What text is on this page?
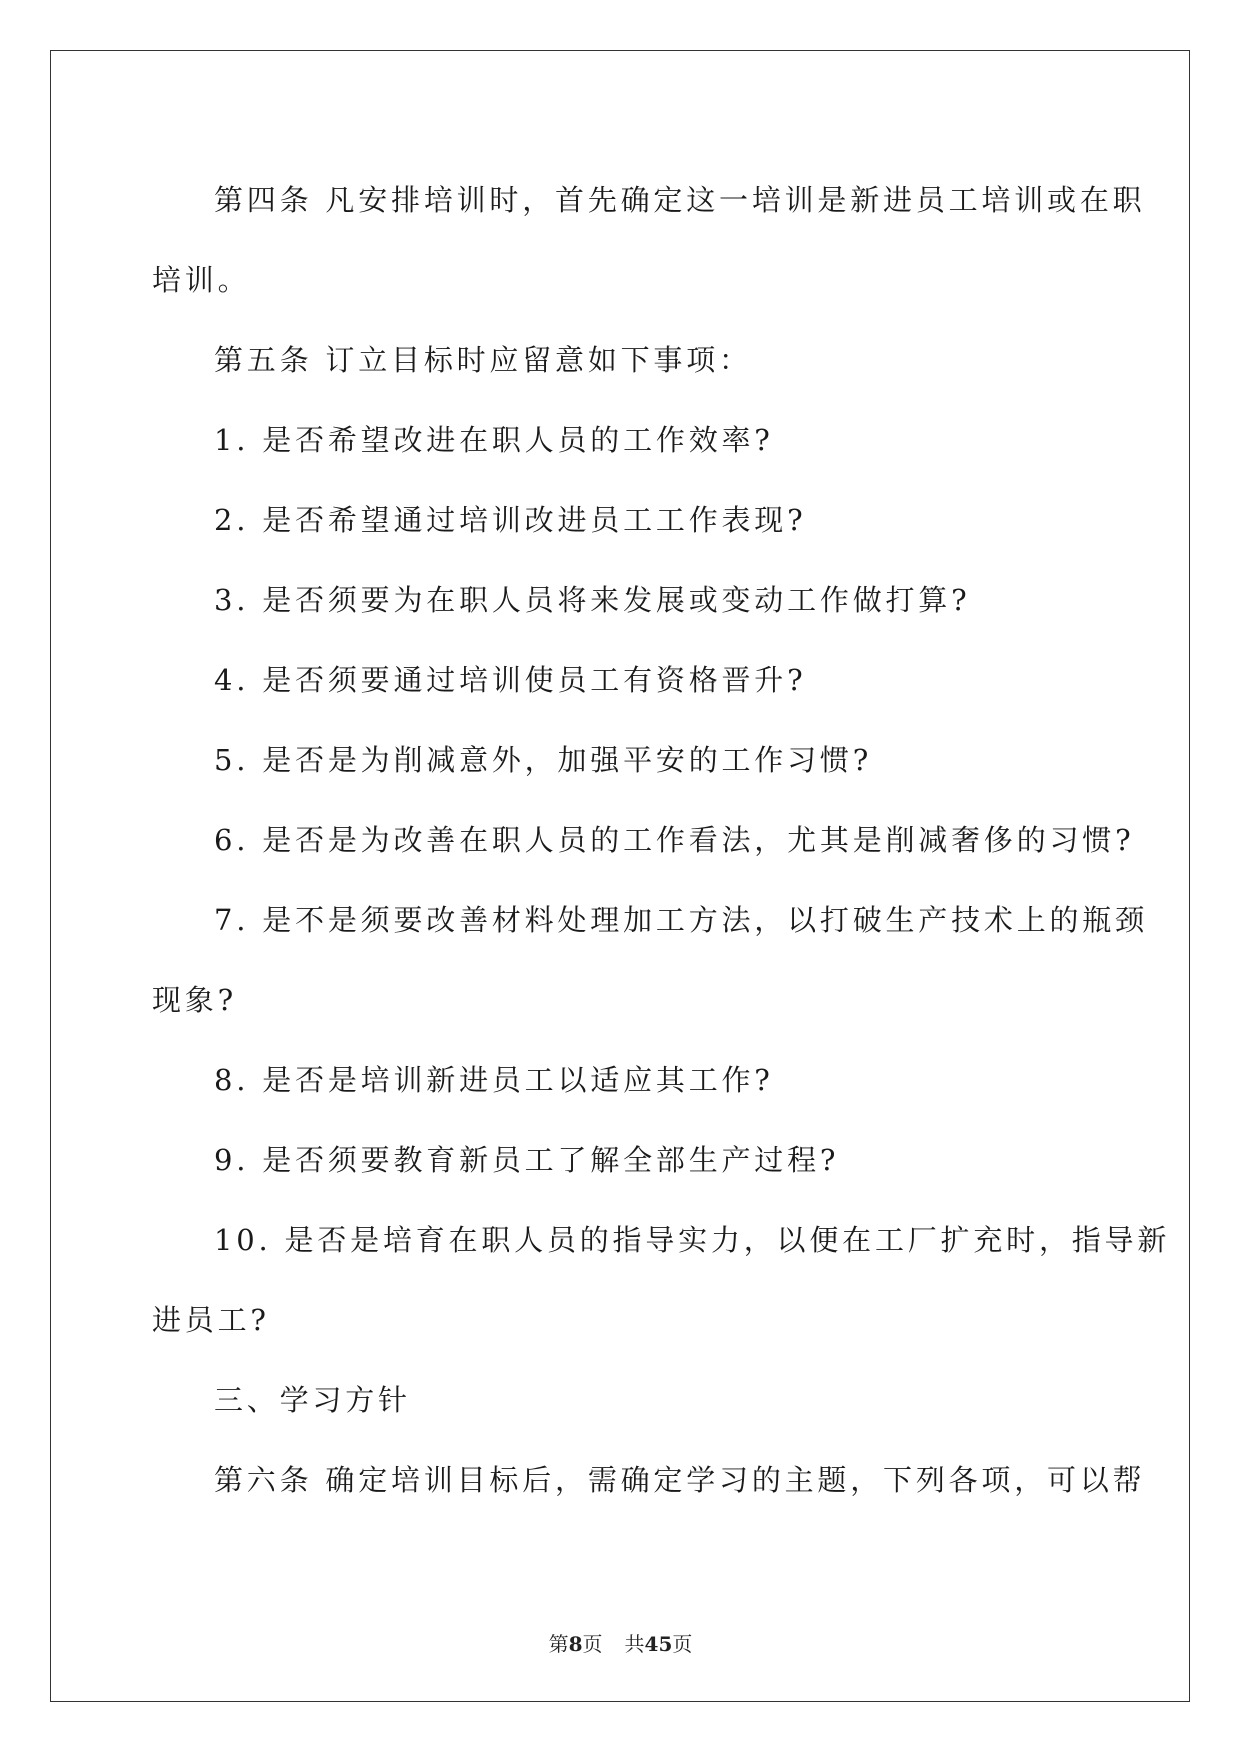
第四条 凡安排培训时，首先确定这一培训是新进员工培训或在职

培训。

第五条 订立目标时应留意如下事项：

1. 是否希望改进在职人员的工作效率?

2. 是否希望通过培训改进员工工作表现?

3. 是否须要为在职人员将来发展或变动工作做打算?

4. 是否须要通过培训使员工有资格晋升?

5. 是否是为削减意外，加强平安的工作习惯?

6. 是否是为改善在职人员的工作看法，尤其是削减奢侈的习惯?

7. 是不是须要改善材料处理加工方法，以打破生产技术上的瓶颈

现象?

8. 是否是培训新进员工以适应其工作?

9. 是否须要教育新员工了解全部生产过程?

10. 是否是培育在职人员的指导实力，以便在工厂扩充时，指导新

进员工?

三、学习方针

第六条 确定培训目标后，需确定学习的主题，下列各项，可以帮

第8页 共45页
